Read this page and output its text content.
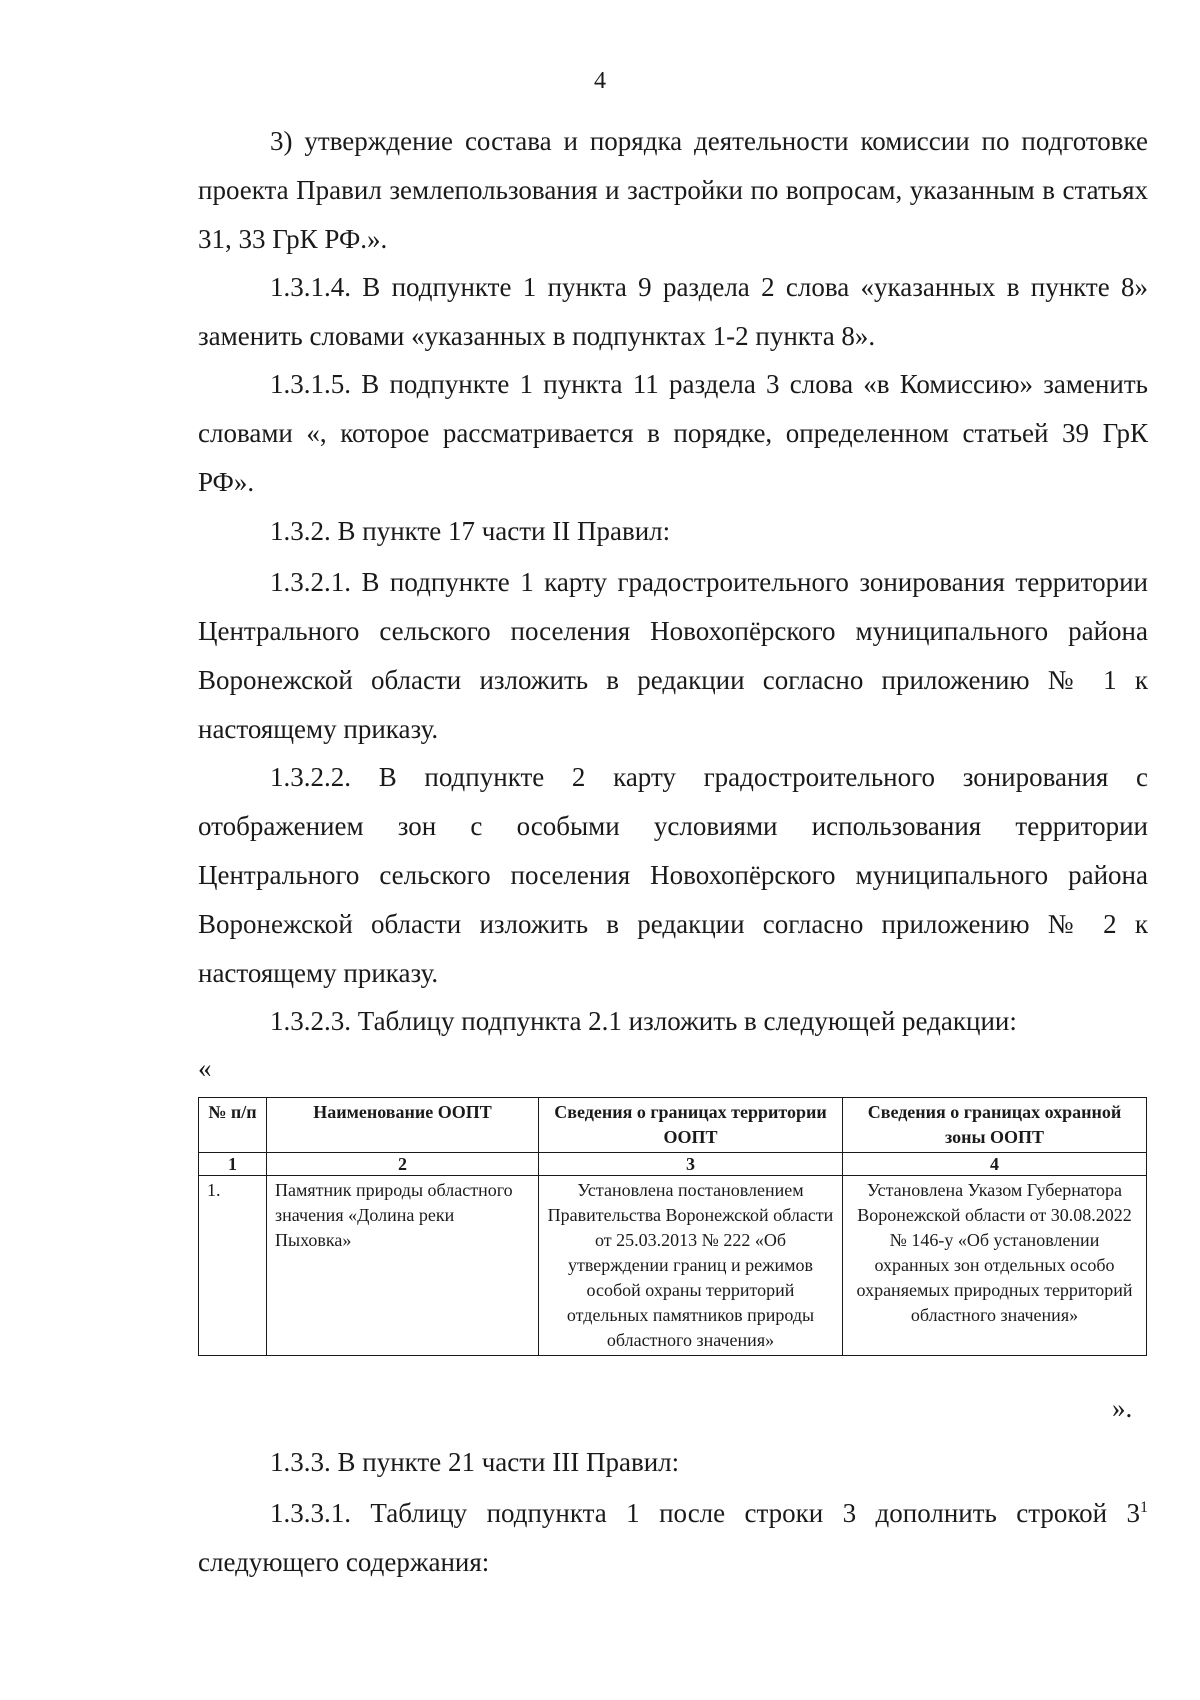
4

3) утверждение состава и порядка деятельности комиссии по подготовке проекта Правил землепользования и застройки по вопросам, указанным в статьях 31, 33 ГрК РФ.».

1.3.1.4. В подпункте 1 пункта 9 раздела 2 слова «указанных в пункте 8» заменить словами «указанных в подпунктах 1-2 пункта 8».

1.3.1.5. В подпункте 1 пункта 11 раздела 3 слова «в Комиссию» заменить словами «, которое рассматривается в порядке, определенном статьей 39 ГрК РФ».

1.3.2. В пункте 17 части II Правил:

1.3.2.1. В подпункте 1 карту градостроительного зонирования территории Центрального сельского поселения Новохопёрского муниципального района Воронежской области изложить в редакции согласно приложению № 1 к настоящему приказу.

1.3.2.2. В подпункте 2 карту градостроительного зонирования с отображением зон с особыми условиями использования территории Центрального сельского поселения Новохопёрского муниципального района Воронежской области изложить в редакции согласно приложению № 2 к настоящему приказу.

1.3.2.3. Таблицу подпункта 2.1 изложить в следующей редакции:

«
№ п/п	Наименование ООПТ	Сведения о границах территории ООПТ	Сведения о границах охранной зоны ООПТ
1	2	3	4
1.	Памятник природы областного значения «Долина реки Пыховка»	Установлена постановлением Правительства Воронежской области от 25.03.2013 № 222 «Об утверждении границ и режимов особой охраны территорий отдельных памятников природы областного значения»	Установлена Указом Губернатора Воронежской области от 30.08.2022 № 146-у «Об установлении охранных зон отдельных особо охраняемых природных территорий областного значения»
».

1.3.3. В пункте 21 части III Правил:

1.3.3.1. Таблицу подпункта 1 после строки 3 дополнить строкой $3^1$ следующего содержания:
